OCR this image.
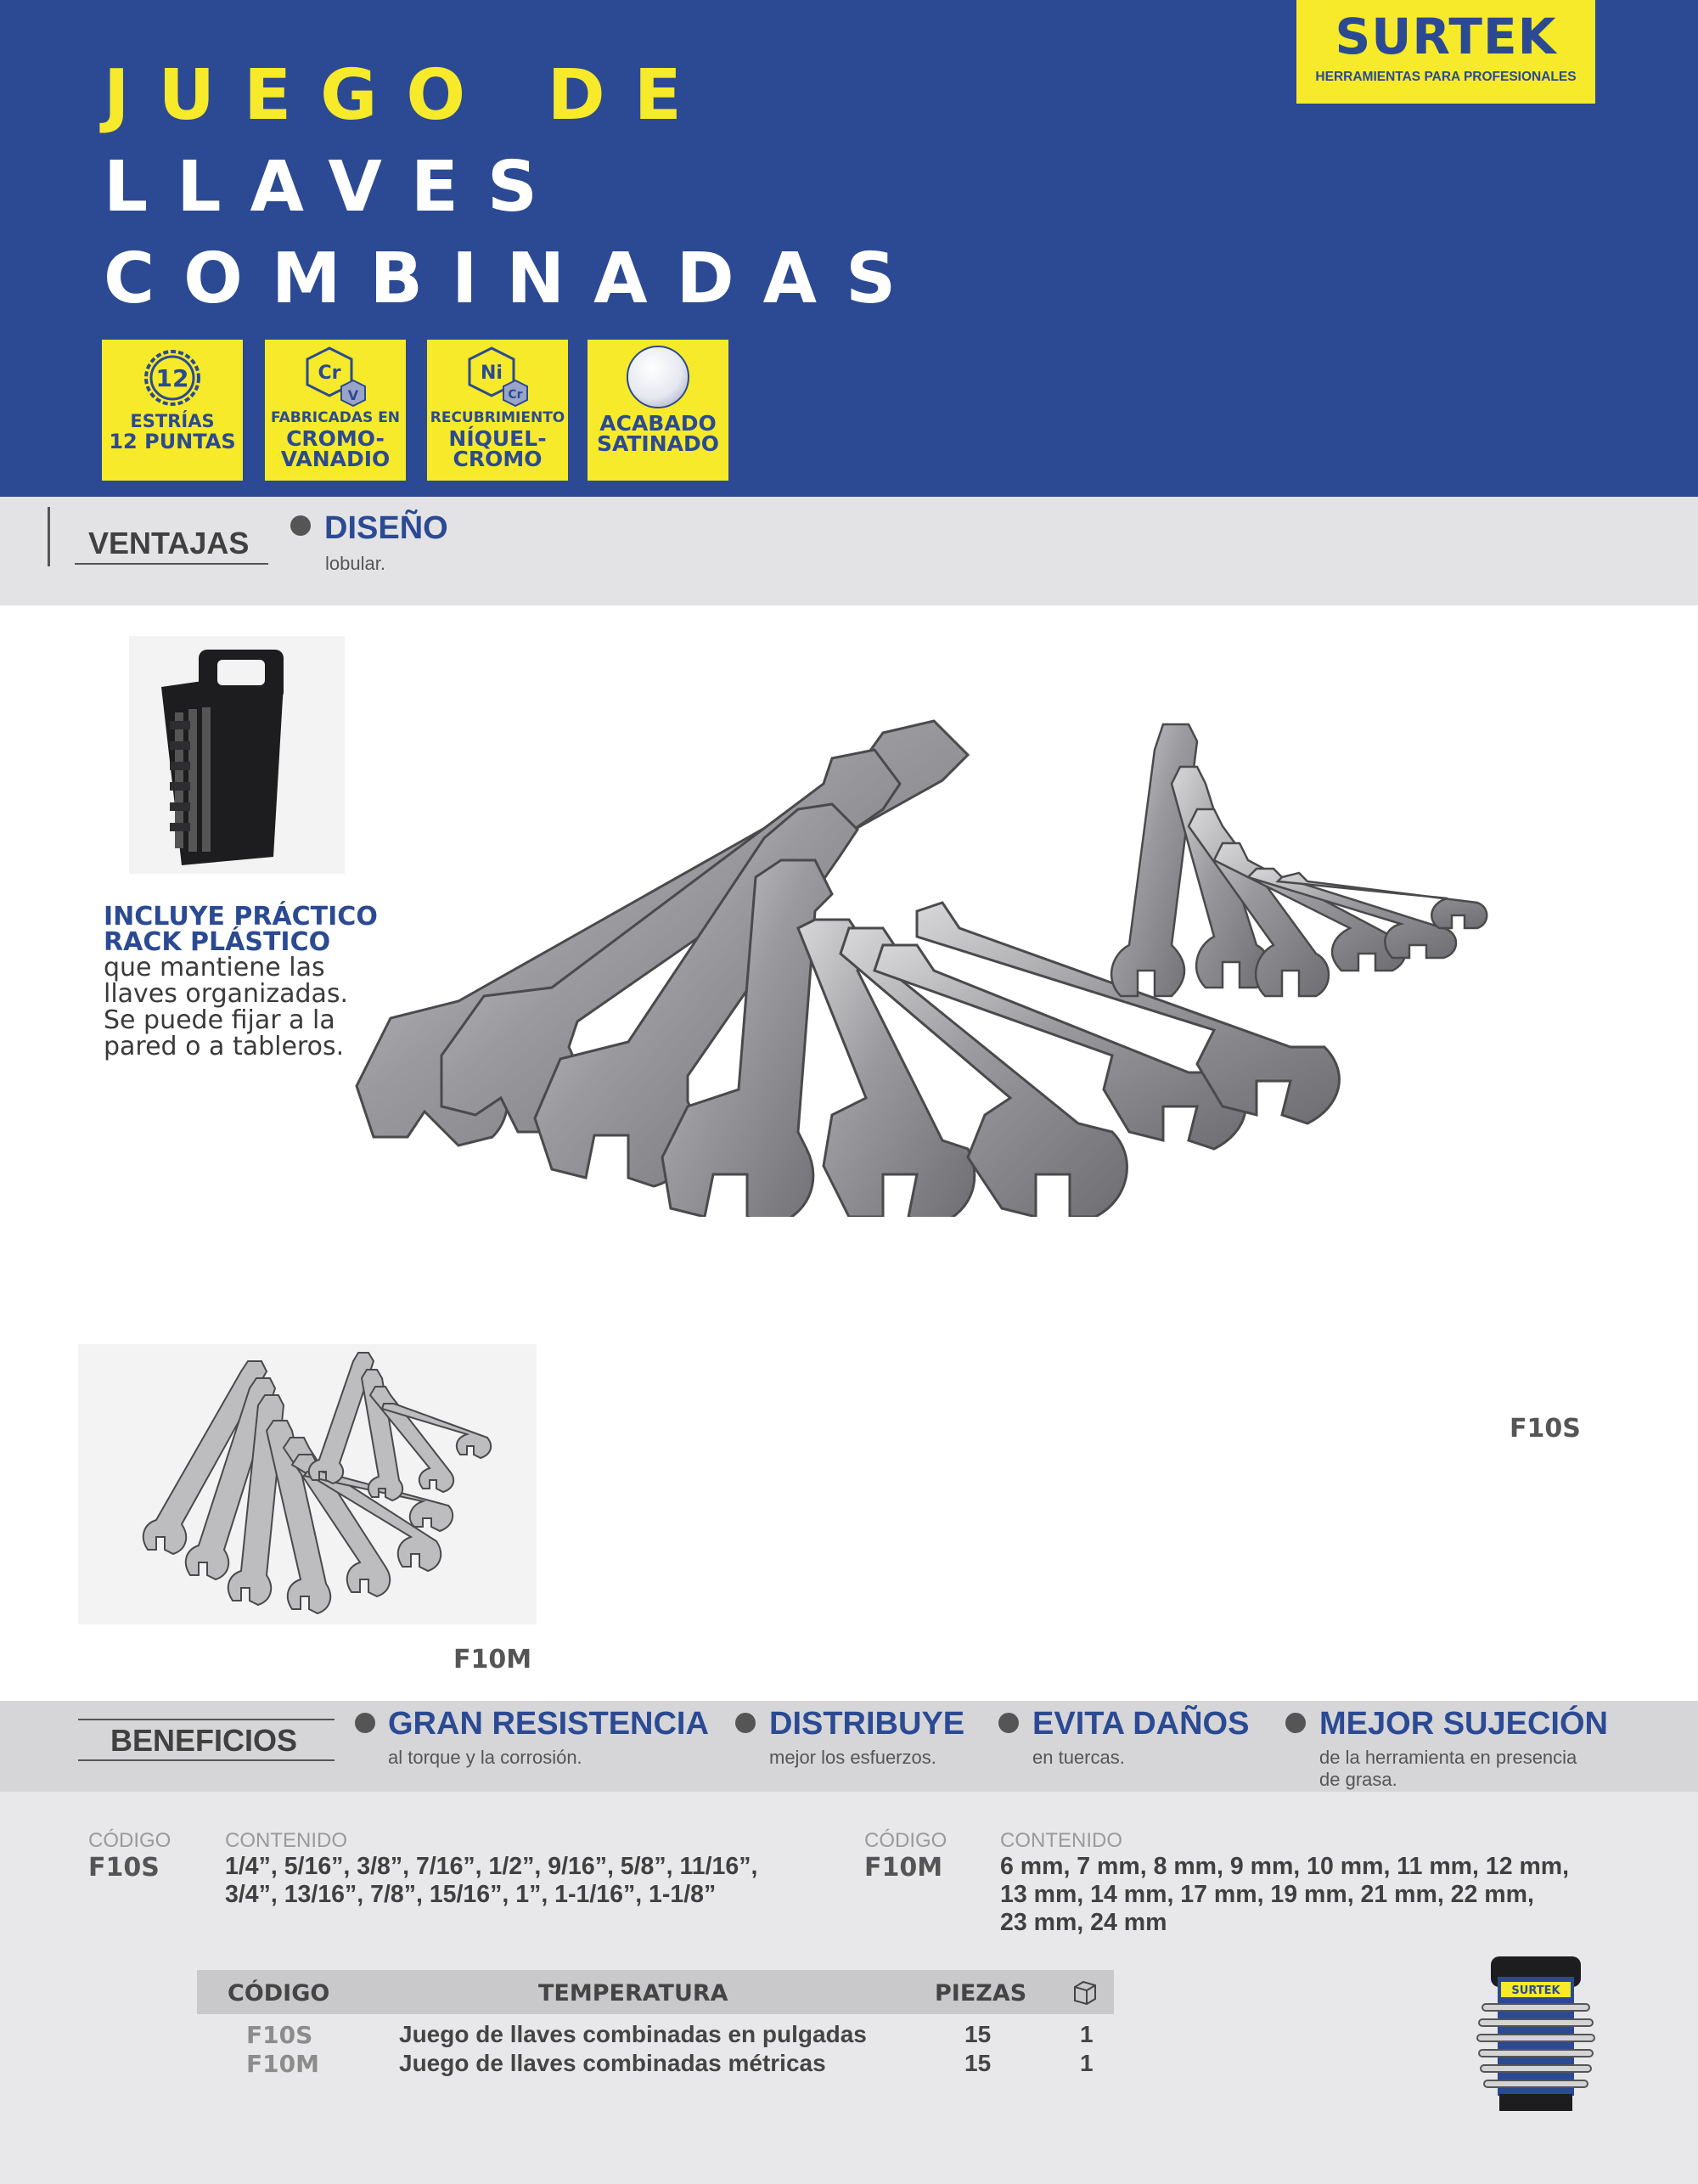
JUEGO DE
LLAVES
COMBINADAS
SURTEK
HERRAMIENTAS PARA PROFESIONALES
12
ESTRÍAS
12 PUNTAS
Cr
V
FABRICADAS EN
CROMO-
VANADIO
Ni
Cr
RECUBRIMIENTO
NÍQUEL-
CROMO
ACABADO
SATINADO
VENTAJAS DISEÑO
lobular.
INCLUYE PRÁCTICO
RACK PLÁSTICO
que mantiene las
llaves organizadas.
Se puede fijar a la
pared o a tableros.
F10S
F10M
BENEFICIOS	GRAN RESISTENCIA
al torque y la corrosión.
DISTRIBUYE
mejor los esfuerzos.
EVITA DAÑOS
en tuercas.
MEJOR SUJECIÓN
de la herramienta en presencia
de grasa.
CÓDIGO
F10S
CONTENIDO
1/4”, 5/16”, 3/8”, 7/16”, 1/2”, 9/16”, 5/8”, 11/16”,
3/4”, 13/16”, 7/8”, 15/16”, 1”, 1-1/16”, 1-1/8”
CÓDIGO
F10M
CONTENIDO
6 mm, 7 mm, 8 mm, 9 mm, 10 mm, 11 mm, 12 mm,
13 mm, 14 mm, 17 mm, 19 mm, 21 mm, 22 mm,
23 mm, 24 mm
CÓDIGO	TEMPERATURA	PIEZAS
F10S	Juego de llaves combinadas en pulgadas	15	1
F10M	Juego de llaves combinadas métricas	15	1
SURTEK
